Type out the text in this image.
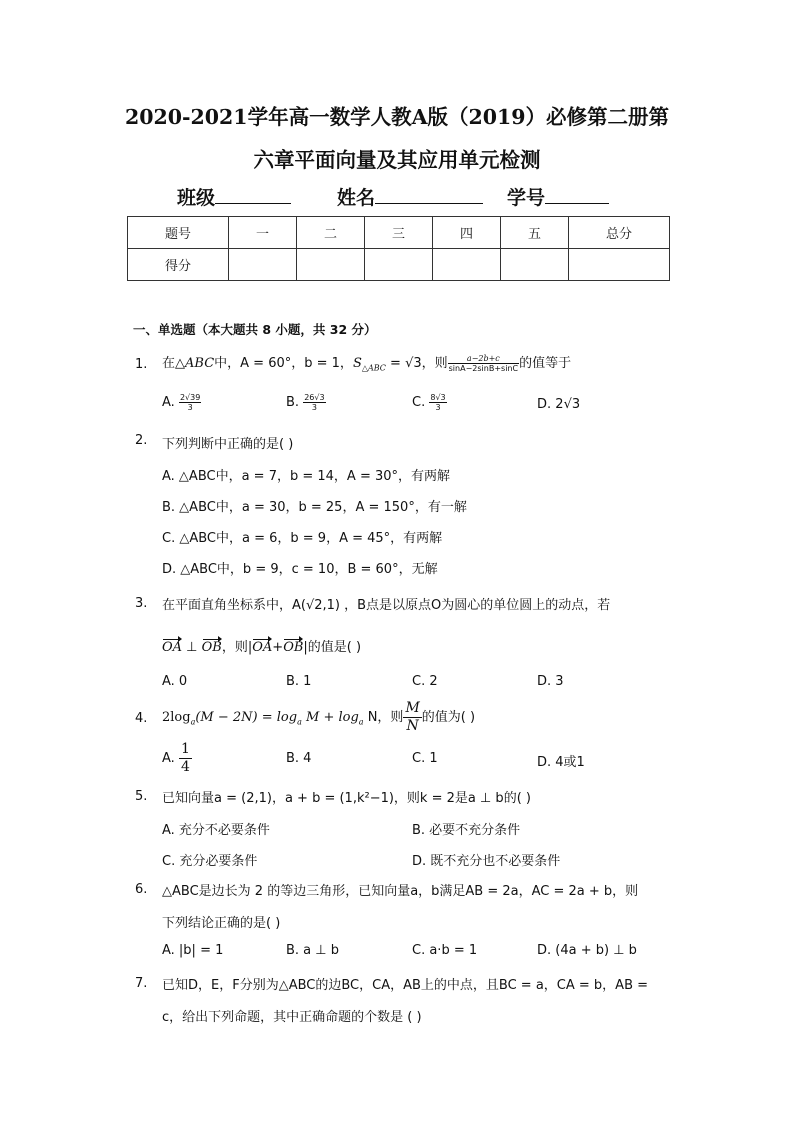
2020-2021学年高一数学人教A版（2019）必修第二册第
六章平面向量及其应用单元检测
班级	姓名	学号
题号	一	二	三	四	五	总分
得分						
一、单选题（本大题共 8 小题，共 32 分）
1. 在△ABC中，A = 60°，b = 1，$S_{\triangle ABC} = √3$，则 $\frac{a-2b+c}{\sin A-2\sin B+\sin C}$ 的值等于
A. $\frac{2√39}{3}$	B. $\frac{26√3}{3}$	C. $\frac{8√3}{3}$	D. 2√3
2. 下列判断中正确的是( )
A. △ABC中，a = 7，b = 14，A = 30°，有两解
B. △ABC中，a = 30，b = 25，A = 150°，有一解
C. △ABC中，a = 6，b = 9，A = 45°，有两解
D. △ABC中，b = 9，c = 10，B = 60°，无解
3. 在平面直角坐标系中，A(√2,1) ，B点是以原点O为圆心的单位圆上的动点，若
OA ⊥ OB，则|OA+OB|的值是( )
A. 0	B. 1	C. 2	D. 3
4. $2\log_a(M - 2N) = \log_a M + \log_a N$，则 $\frac{M}{N}$ 的值为( )
A. $\frac{1}{4}$	B. 4	C. 1	D. 4或1
5. 已知向量a = (2,1)，a + b = (1,k²−1)，则k = 2是a ⊥ b的( )
A. 充分不必要条件	B. 必要不充分条件
C. 充分必要条件	D. 既不充分也不必要条件
6. △ABC是边长为 2 的等边三角形，已知向量a，b满足AB = 2a，AC = 2a + b，则
下列结论正确的是( )
A. |b| = 1	B. a ⊥ b	C. a·b = 1	D. (4a + b) ⊥ b
7. 已知D，E，F分别为△ABC的边BC，CA，AB上的中点，且BC = a，CA = b，AB =
c，给出下列命题，其中正确命题的个数是 ( )
